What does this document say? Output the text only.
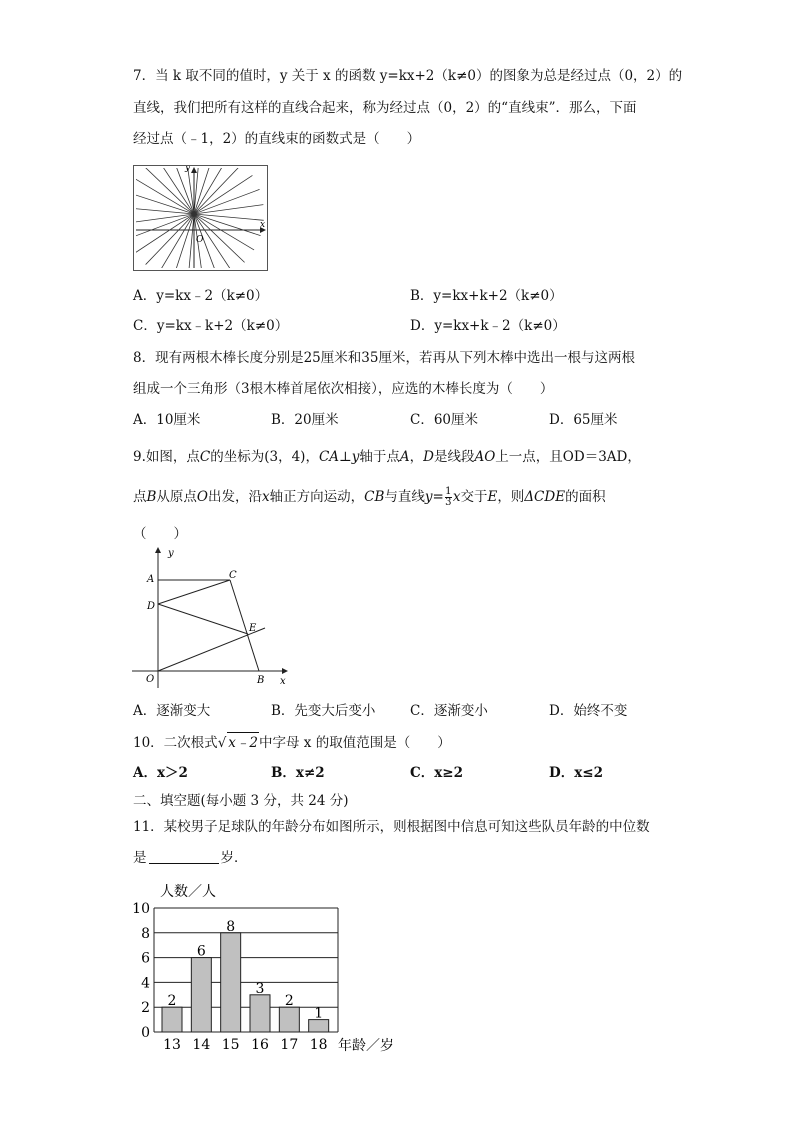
7．当 k 取不同的值时，y 关于 x 的函数 y=kx+2（k≠0）的图象为总是经过点（0，2）的
直线，我们把所有这样的直线合起来，称为经过点（0，2）的“直线束”．那么，下面
经过点（﹣1，2）的直线束的函数式是（　　）
y
x
O
A．y=kx﹣2（k≠0）	B．y=kx+k+2（k≠0）
C．y=kx﹣k+2（k≠0）	D．y=kx+k﹣2（k≠0）
8．现有两根木棒长度分别是25厘米和35厘米，若再从下列木棒中选出一根与这两根
组成一个三角形（3根木棒首尾依次相接），应选的木棒长度为（　　）
A．10厘米	B．20厘米	C．60厘米	D．65厘米
9.如图，点C的坐标为(3，4)，CA⊥y轴于点A，D是线段AO上一点，且OD＝3AD，
点B从原点O出发，沿x轴正方向运动，CB与直线$y= \frac{1}{3}$ x交于E，则ΔCDE的面积
（　　）
y
x
A	C
D
E
O	B
A．逐渐变大	B．先变大后变小	C．逐渐变小	D．始终不变
10．二次根式√ x﹣2中字母 x 的取值范围是（　　）
A．x＞2	B．x≠2	C．x≥2	D．x≤2
二、填空题(每小题 3 分，共 24 分)
11．某校男子足球队的年龄分布如图所示，则根据图中信息可知这些队员年龄的中位数
是	岁．
0
2
4
6
8
10
13 14 15 16 17 18
2
6
8
3
2
1
人数／人
年龄／岁
